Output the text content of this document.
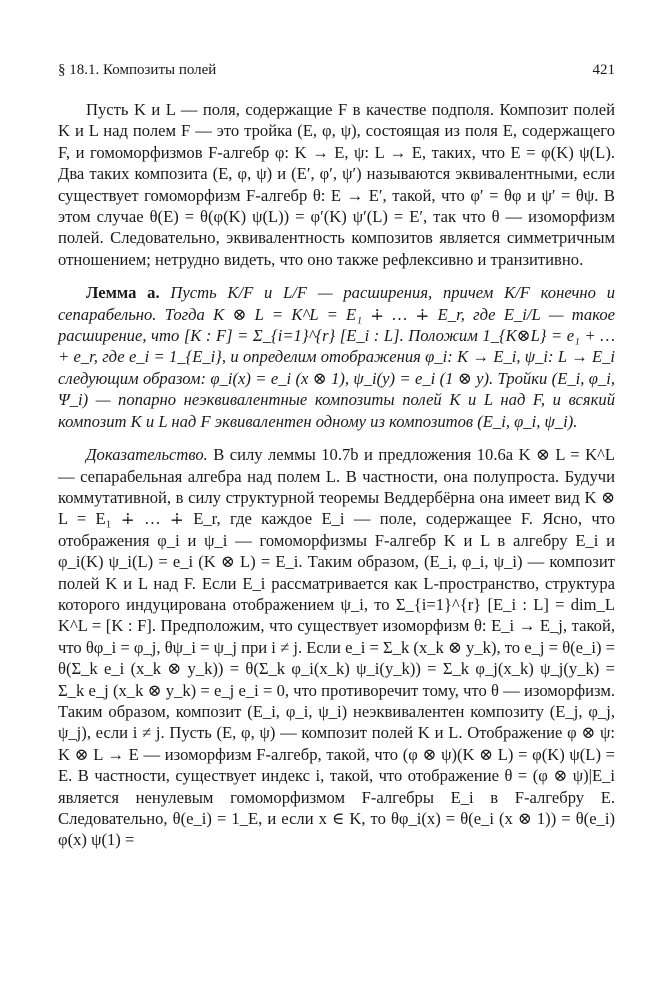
§ 18.1. Композиты полей	421

Пусть K и L — поля, содержащие F в качестве подполя. Композит полей K и L над полем F — это тройка (E, φ, ψ), состоящая из поля E, содержащего F, и гомоморфизмов F-алгебр φ: K → E, ψ: L → E, таких, что E = φ(K) ψ(L). Два таких композита (E, φ, ψ) и (E′, φ′, ψ′) называются эквивалентными, если существует гомоморфизм F-алгебр θ: E → E′, такой, что φ′ = θφ и ψ′ = θψ. В этом случае θ(E) = θ(φ(K) ψ(L)) = φ′(K) ψ′(L) = E′, так что θ — изоморфизм полей. Следовательно, эквивалентность композитов является симметричным отношением; нетрудно видеть, что оно также рефлексивно и транзитивно.

Лемма а. Пусть K/F и L/F — расширения, причем K/F конечно и сепарабельно. Тогда K ⊗ L = K^L = E₁ ∔ … ∔ E_r, где E_i/L — такое расширение, что [K : F] = Σ_{i=1}^{r} [E_i : L]. Положим 1_{K⊗L} = e₁ + … + e_r, где e_i = 1_{E_i}, и определим отображения φ_i: K → E_i, ψ_i: L → E_i следующим образом: φ_i(x) = e_i (x ⊗ 1), ψ_i(y) = e_i (1 ⊗ y). Тройки (E_i, φ_i, Ψ_i) — попарно неэквивалентные композиты полей K и L над F, и всякий композит K и L над F эквивалентен одному из композитов (E_i, φ_i, ψ_i).

Доказательство. В силу леммы 10.7b и предложения 10.6a K ⊗ L = K^L — сепарабельная алгебра над полем L. В частности, она полупроста. Будучи коммутативной, в силу структурной теоремы Веддербёрна она имеет вид K ⊗ L = E₁ ∔ … ∔ E_r, где каждое E_i — поле, содержащее F. Ясно, что отображения φ_i и ψ_i — гомоморфизмы F-алгебр K и L в алгебру E_i и φ_i(K) ψ_i(L) = e_i (K ⊗ L) = E_i. Таким образом, (E_i, φ_i, ψ_i) — композит полей K и L над F. Если E_i рассматривается как L-пространство, структура которого индуцирована отображением ψ_i, то Σ_{i=1}^{r} [E_i : L] = dim_L K^L = [K : F]. Предположим, что существует изоморфизм θ: E_i → E_j, такой, что θφ_i = φ_j, θψ_i = ψ_j при i ≠ j. Если e_i = Σ_k (x_k ⊗ y_k), то e_j = θ(e_i) = θ(Σ_k e_i (x_k ⊗ y_k)) = θ(Σ_k φ_i(x_k) ψ_i(y_k)) = Σ_k φ_j(x_k) ψ_j(y_k) = Σ_k e_j (x_k ⊗ y_k) = e_j e_i = 0, что противоречит тому, что θ — изоморфизм. Таким образом, композит (E_i, φ_i, ψ_i) неэквивалентен композиту (E_j, φ_j, ψ_j), если i ≠ j. Пусть (E, φ, ψ) — композит полей K и L. Отображение φ ⊗ ψ: K ⊗ L → E — изоморфизм F-алгебр, такой, что (φ ⊗ ψ)(K ⊗ L) = φ(K) ψ(L) = E. В частности, существует индекс i, такой, что отображение θ = (φ ⊗ ψ)|E_i является ненулевым гомоморфизмом F-алгебры E_i в F-алгебру E. Следовательно, θ(e_i) = 1_E, и если x ∈ K, то θφ_i(x) = θ(e_i (x ⊗ 1)) = θ(e_i) φ(x) ψ(1) =
